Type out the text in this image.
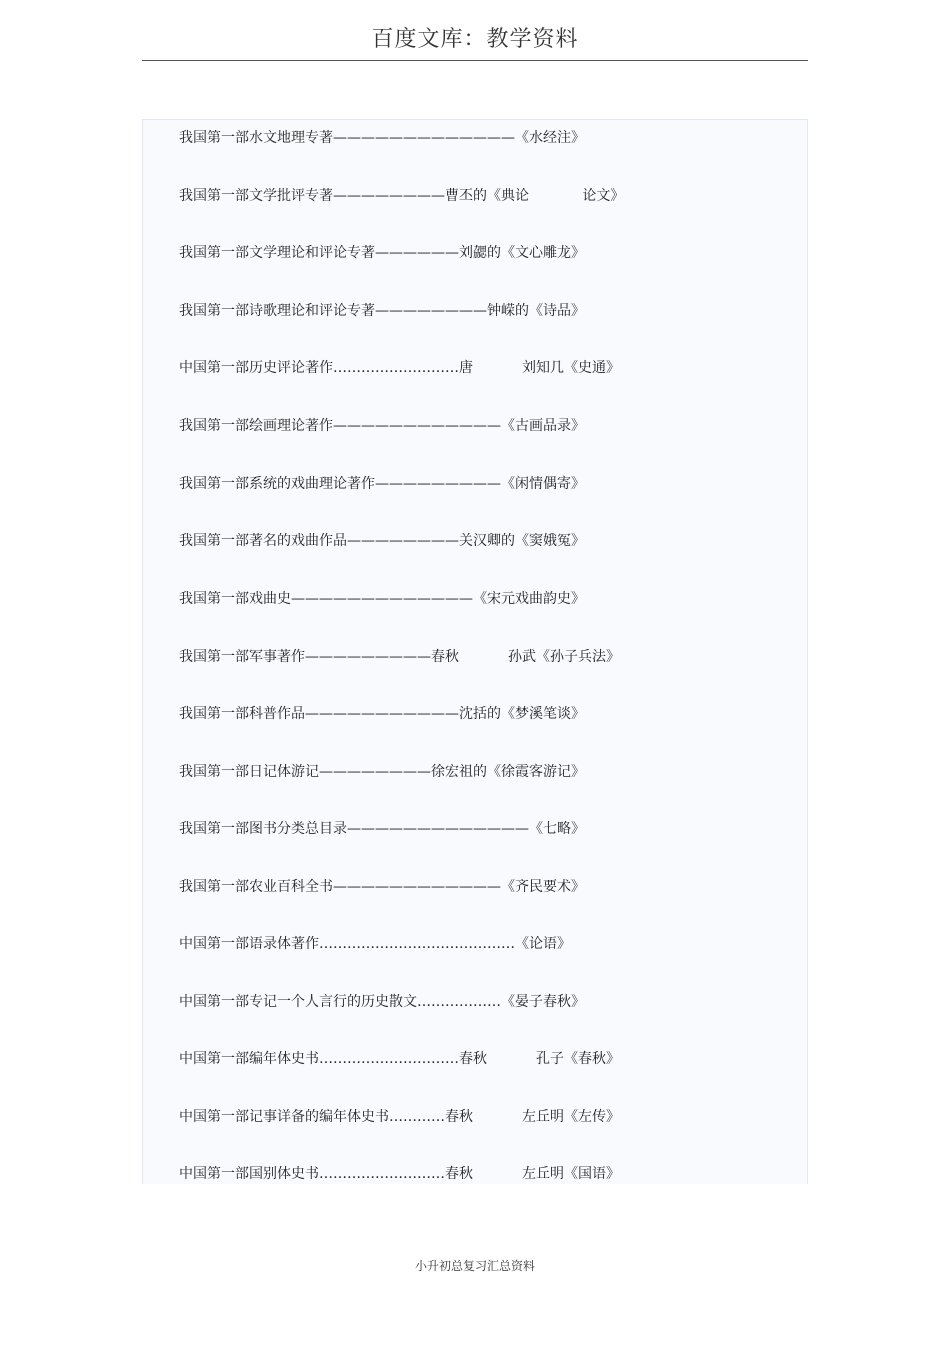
百度文库：教学资料
我国第一部水文地理专著—————————————《水经注》
我国第一部文学批评专著————————曹丕的《典论            论文》
我国第一部文学理论和评论专著——————刘勰的《文心雕龙》
我国第一部诗歌理论和评论专著————————钟嵘的《诗品》
中国第一部历史评论著作………………………唐           刘知几《史通》
我国第一部绘画理论著作————————————《古画品录》
我国第一部系统的戏曲理论著作—————————《闲情偶寄》
我国第一部著名的戏曲作品————————关汉卿的《窦娥冤》
我国第一部戏曲史—————————————《宋元戏曲韵史》
我国第一部军事著作—————————春秋           孙武《孙子兵法》
我国第一部科普作品———————————沈括的《梦溪笔谈》
我国第一部日记体游记————————徐宏祖的《徐霞客游记》
我国第一部图书分类总目录—————————————《七略》
我国第一部农业百科全书————————————《齐民要术》
中国第一部语录体著作……………………………………《论语》
中国第一部专记一个人言行的历史散文………………《晏子春秋》
中国第一部编年体史书…………………………春秋           孔子《春秋》
中国第一部记事详备的编年体史书…………春秋           左丘明《左传》
中国第一部国别体史书………………………春秋           左丘明《国语》
小升初总复习汇总资料
